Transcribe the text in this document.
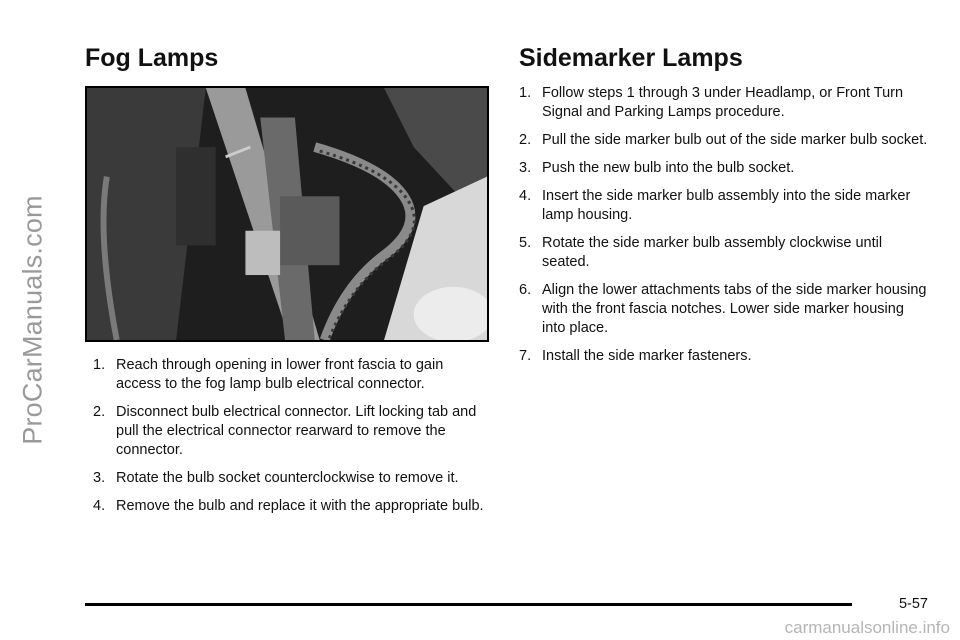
ProCarManuals.com
Fog Lamps
1. Reach through opening in lower front fascia to gain access to the fog lamp bulb electrical connector.
2. Disconnect bulb electrical connector. Lift locking tab and pull the electrical connector rearward to remove the connector.
3. Rotate the bulb socket counterclockwise to remove it.
4. Remove the bulb and replace it with the appropriate bulb.
Sidemarker Lamps
1. Follow steps 1 through 3 under Headlamp, or Front Turn Signal and Parking Lamps procedure.
2. Pull the side marker bulb out of the side marker bulb socket.
3. Push the new bulb into the bulb socket.
4. Insert the side marker bulb assembly into the side marker lamp housing.
5. Rotate the side marker bulb assembly clockwise until seated.
6. Align the lower attachments tabs of the side marker housing with the front fascia notches. Lower side marker housing into place.
7. Install the side marker fasteners.
5-57
carmanualsonline.info
